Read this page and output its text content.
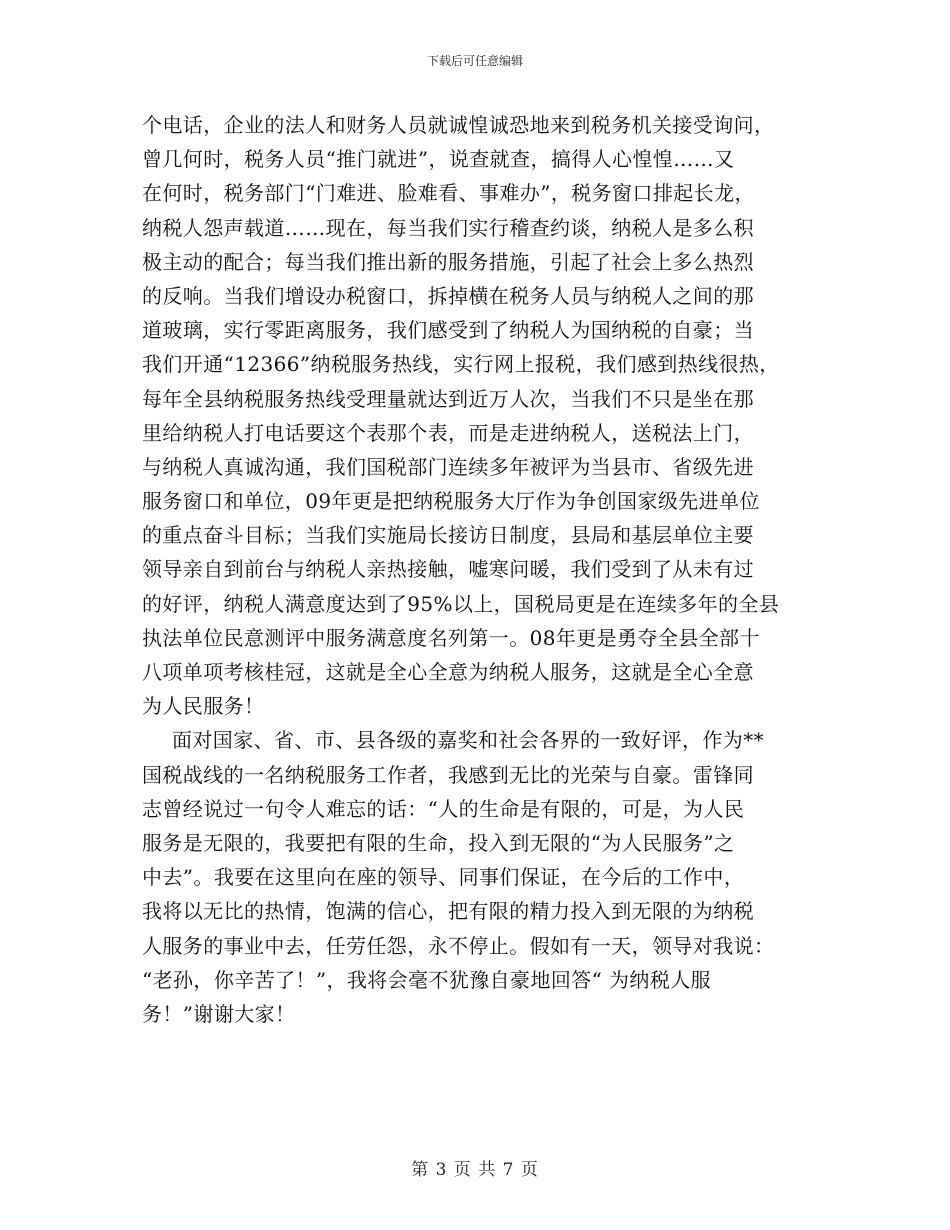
下载后可任意编辑
个电话，企业的法人和财务人员就诚惶诚恐地来到税务机关接受询问，
曾几何时，税务人员“推门就进”，说查就查，搞得人心惶惶……又
在何时，税务部门“门难进、脸难看、事难办”，税务窗口排起长龙，
纳税人怨声载道……现在，每当我们实行稽查约谈，纳税人是多么积
极主动的配合；每当我们推出新的服务措施，引起了社会上多么热烈
的反响。当我们增设办税窗口，拆掉横在税务人员与纳税人之间的那
道玻璃，实行零距离服务，我们感受到了纳税人为国纳税的自豪；当
我们开通“12366”纳税服务热线，实行网上报税，我们感到热线很热，
每年全县纳税服务热线受理量就达到近万人次，当我们不只是坐在那
里给纳税人打电话要这个表那个表，而是走进纳税人，送税法上门，
与纳税人真诚沟通，我们国税部门连续多年被评为当县市、省级先进
服务窗口和单位，09年更是把纳税服务大厅作为争创国家级先进单位
的重点奋斗目标；当我们实施局长接访日制度，县局和基层单位主要
领导亲自到前台与纳税人亲热接触，嘘寒问暖，我们受到了从未有过
的好评，纳税人满意度达到了95%以上，国税局更是在连续多年的全县
执法单位民意测评中服务满意度名列第一。08年更是勇夺全县全部十
八项单项考核桂冠，这就是全心全意为纳税人服务，这就是全心全意
为人民服务！
面对国家、省、市、县各级的嘉奖和社会各界的一致好评，作为**
国税战线的一名纳税服务工作者，我感到无比的光荣与自豪。雷锋同
志曾经说过一句令人难忘的话：“人的生命是有限的，可是，为人民
服务是无限的，我要把有限的生命，投入到无限的“为人民服务”之
中去”。我要在这里向在座的领导、同事们保证，在今后的工作中，
我将以无比的热情，饱满的信心，把有限的精力投入到无限的为纳税
人服务的事业中去，任劳任怨，永不停止。假如有一天，领导对我说：
“老孙，你辛苦了！”，我将会毫不犹豫自豪地回答“ 为纳税人服
务！”谢谢大家！
第 3 页 共 7 页
